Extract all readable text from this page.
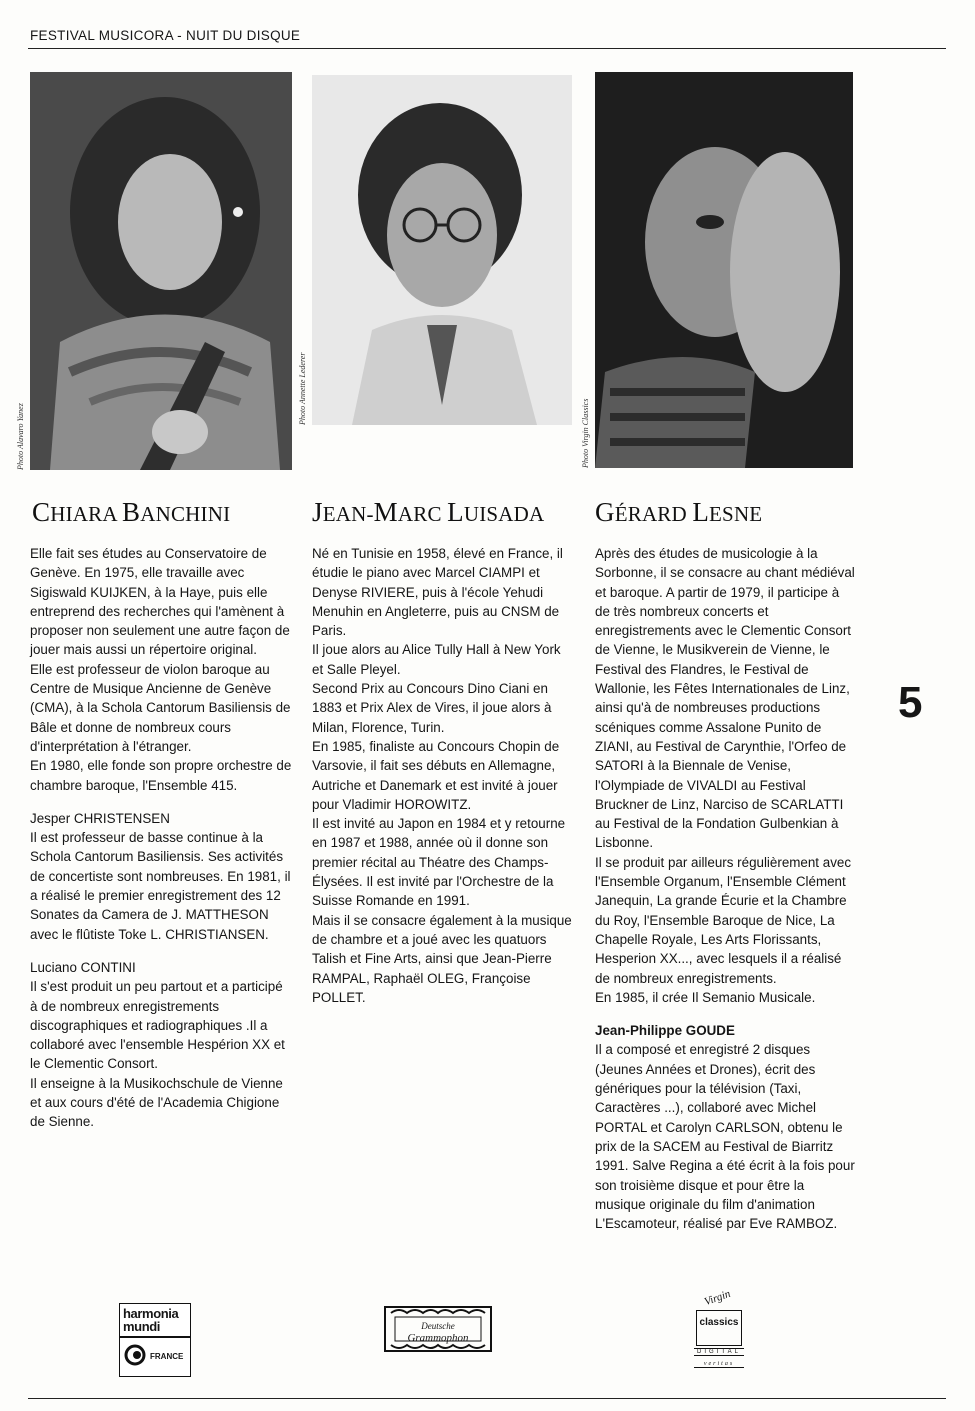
FESTIVAL MUSICORA - NUIT DU DISQUE
Photo Alavaro Yanez
Photo Annette Lederer
Photo Virgin Classics
CHIARA BANCHINI	JEAN-MARC LUISADA GÉRARD LESNE

Elle fait ses études au Conservatoire de Genève. En 1975, elle travaille avec Sigiswald KUIJKEN, à la Haye, puis elle entreprend des recherches qui l'amènent à proposer non seulement une autre façon de jouer mais aussi un répertoire original.

Elle est professeur de violon baroque au Centre de Musique Ancienne de Genève (CMA), à la Schola Cantorum Basiliensis de Bâle et donne de nombreux cours d'interprétation à l'étranger.

En 1980, elle fonde son propre orchestre de chambre baroque, l'Ensemble 415.

Jesper CHRISTENSEN

Il est professeur de basse continue à la Schola Cantorum Basiliensis. Ses activités de concertiste sont nombreuses. En 1981, il a réalisé le premier enregistrement des 12 Sonates da Camera de J. MATTHESON avec le flûtiste Toke L. CHRISTIANSEN.

Luciano CONTINI

Il s'est produit un peu partout et a participé à de nombreux enregistrements discographiques et radiographiques .Il a collaboré avec l'ensemble Hespérion XX et le Clementic Consort.

Il enseigne à la Musikochschule de Vienne et aux cours d'été de l'Academia Chigione de Sienne.

Né en Tunisie en 1958, élevé en France, il étudie le piano avec Marcel CIAMPI et Denyse RIVIERE, puis à l'école Yehudi Menuhin en Angleterre, puis au CNSM de Paris.

Il joue alors au Alice Tully Hall à New York et Salle Pleyel.

Second Prix au Concours Dino Ciani en 1883 et Prix Alex de Vires, il joue alors à Milan, Florence, Turin.

En 1985, finaliste au Concours Chopin de Varsovie, il fait ses débuts en Allemagne, Autriche et Danemark et est invité à jouer pour Vladimir HOROWITZ.

Il est invité au Japon en 1984 et y retourne en 1987 et 1988, année où il donne son premier récital au Théatre des Champs-Élysées. Il est invité par l'Orchestre de la Suisse Romande en 1991.

Mais il se consacre également à la musique de chambre et a joué avec les quatuors Talish et Fine Arts, ainsi que Jean-Pierre RAMPAL, Raphaël OLEG, Françoise POLLET.

Après des études de musicologie à la Sorbonne, il se consacre au chant médiéval et baroque. A partir de 1979, il participe à de très nombreux concerts et enregistrements avec le Clementic Consort de Vienne, le Musikverein de Vienne, le Festival des Flandres, le Festival de Wallonie, les Fêtes Internationales de Linz, ainsi qu'à de nombreuses productions scéniques comme Assalone Punito de ZIANI, au Festival de Carynthie, l'Orfeo de SATORI à la Biennale de Venise, l'Olympiade de VIVALDI au Festival Bruckner de Linz, Narciso de SCARLATTI au Festival de la Fondation Gulbenkian à Lisbonne.

Il se produit par ailleurs régulièrement avec l'Ensemble Organum, l'Ensemble Clément Janequin, La grande Écurie et la Chambre du Roy, l'Ensemble Baroque de Nice, La Chapelle Royale, Les Arts Florissants, Hesperion XX..., avec lesquels il a réalisé de nombreux enregistrements.

En 1985, il crée Il Semanio Musicale.

Jean-Philippe GOUDE

Il a composé et enregistré 2 disques (Jeunes Années et Drones), écrit des génériques pour la télévision (Taxi, Caractères ...), collaboré avec Michel PORTAL et Carolyn CARLSON, obtenu le prix de la SACEM au Festival de Biarritz 1991. Salve Regina a été écrit à la fois pour son troisième disque et pour être la musique originale du film d'animation L'Escamoteur, réalisé par Eve RAMBOZ.

5
harmonia
mundi
FRANCE
Deutsche
Grammophon
Virgin
classics
DIGITAL
veritas
